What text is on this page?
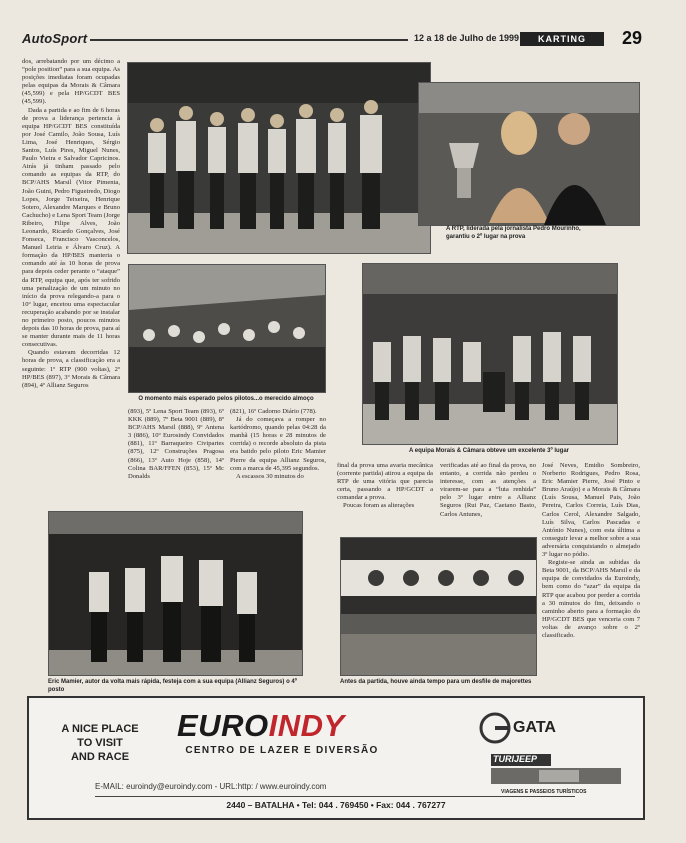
AutoSport	12 a 18 de Julho de 1999	KARTING	29

dos, arrebatando por um décimo a “pole position” para a sua equipa. As posições imediatas foram ocupadas pelas equipas da Morais & Câmara (45,599) e pela HP/GCDT BES (45,599).

Dada a partida e ao fim de 6 horas de prova a liderança pertencia à equipa HP/GCDT BES constituída por José Camilo, João Sousa, Luís Lima, José Henriques, Sérgio Santos, Luís Pires, Miguel Nunes, Paulo Vieira e Salvador Capricinos. Atrás já tinham passado pelo comando as equipas da RTP, do BCP/AHS Marsil (Vitor Pimenta, João Guini, Pedro Figueiredo, Diogo Lopes, Jorge Teixeira, Henrique Sotero, Alexandre Marques e Bruno Cachucho) e Lena Sport Team (Jorge Ribeiro, Filipe Alves, João Leonardo, Ricardo Gonçalves, José Fonseca, Francisco Vasconcelos, Manuel Leiria e Álvaro Cruz). A formação da HP/BES manteria o comando até às 10 horas de prova para depois ceder perante o “ataque” da RTP, equipa que, após ter sofrido uma penalização de um minuto no início da prova relegando-a para o 10º lugar, encetou uma espectacular recuperação acabando por se instalar no primeiro posto, poucos minutos depois das 10 horas de prova, para aí se manter durante mais de 11 horas consecutivas.

Quando estavam decorridas 12 horas de prova, a classificação era a seguinte: 1º RTP (900 voltas), 2º HP/BES (897), 3º Morais & Câmara (894), 4º Allianz Seguros

A RTP, liderada pela jornalista Pedro Mourinho, garantiu o 2º lugar na prova
O momento mais esperado pelos pilotos...o merecido almoço
A equipa Morais & Câmara obteve um excelente 3º lugar

(893), 5º Lena Sport Team (893), 6º KKK (889), 7º Beta 9001 (889), 8º BCP/AHS Marsil (888), 9º Antena 3 (886), 10º Eurosindy Convidados (881), 11º Barraqueiro Civipartes (875), 12º Construções Pragosa (866), 13º Auto Hoje (858), 14º Colina BAR/FFEN (853), 15º Mc Donalds

(821), 16º Cadorno Diário (778).

Já do começava a romper no kartódromo, quando pelas 04:28 da manhã (15 horas e 28 minutos de corrida) o recorde absoluto da pista era batido pelo piloto Eric Mamier Pierre da equipa Allianz Seguros, com a marca de 45,395 segundos.

A escassos 30 minutos do

final da prova uma avaria mecânica (corrente partida) atirou a equipa da RTP de uma vitória que parecia certa, passando a HP/GCDT a comandar a prova.

Poucas foram as alterações

verificadas até ao final da prova, no entanto, a corrida não perdeu o interesse, com as atenções a virarem-se para a “luta renhida” pelo 3º lugar entre a Allianz Seguros (Rui Paz, Caetano Basto, Carlos Antunes,

José Neves, Emidio Sombreiro, Norberto Rodrigues, Pedro Rosa, Eric Mamier Pierre, José Pinto e Bruno Araújo) e a Morais & Câmara (Luís Sousa, Manuel Pais, João Pereira, Carlos Correia, Luís Dias, Carlos Cerol, Alexandre Salgado, Luís Silva, Carlos Pascadas e António Nunes), com esta última a conseguir levar a melhor sobre a sua adversária conquistando o almejado 3º lugar no pódio.

Registe-se ainda as subidas da Beta 9001, da BCP/AHS Marsil e da equipa de convidados da Euroindy, bem como do “azar” da equipa da RTP que acabou por perder a corrida a 30 minutos do fim, deixando o caminho aberto para a formação do HP/GCDT BES que venceria com 7 voltas de avanço sobre o 2º classificado.

Eric Mamier, autor da volta mais rápida, festeja com a sua equipa (Allianz Seguros) o 4º posto
Antes da partida, houve ainda tempo para um desfile de majorettes
A NICE PLACE
TO VISIT
AND RACE
EUROINDY
CENTRO DE LAZER E DIVERSÃO
GATA
TURIJEEP
VIAGENS E PASSEIOS TURÍSTICOS
E-MAIL: euroindy@euroindy.com - URL:http: / www.euroindy.com
2440 – BATALHA • Tel: 044 . 769450 • Fax: 044 . 767277
